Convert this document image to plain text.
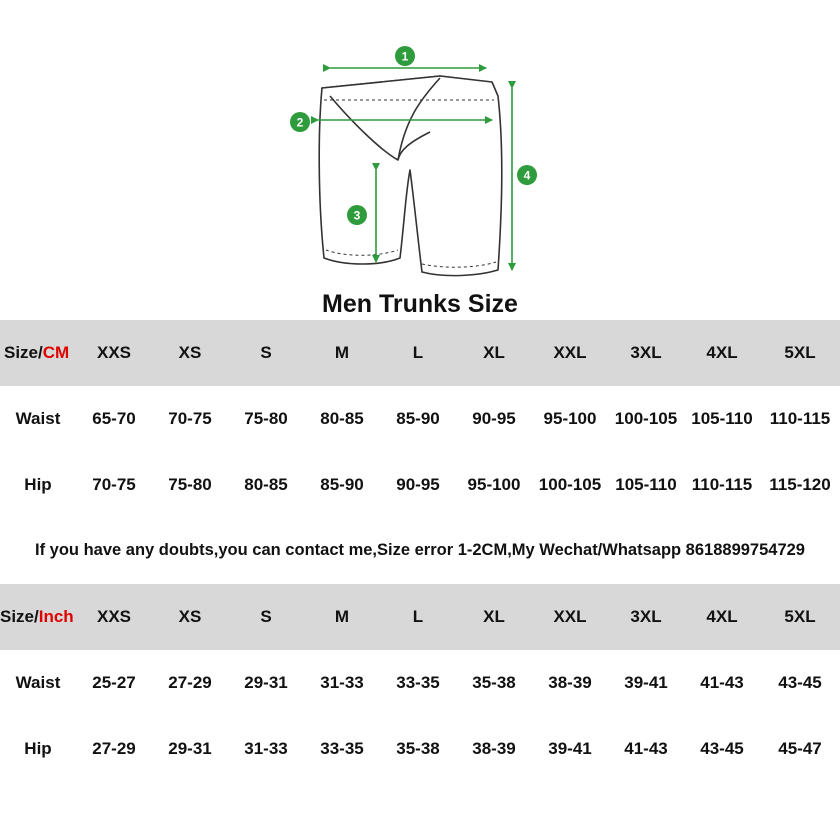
1
2
3
4
Men Trunks Size
Size/CM	XXS	XS	S	M	L	XL	XXL	3XL	4XL	5XL
Waist	65-70	70-75	75-80	80-85	85-90	90-95	95-100	100-105	105-110	110-115
Hip	70-75	75-80	80-85	85-90	90-95	95-100	100-105	105-110	110-115	115-120
If you have any doubts,you can contact me,Size error 1-2CM,My Wechat/Whatsapp 8618899754729
Size/Inch	XXS	XS	S	M	L	XL	XXL	3XL	4XL	5XL
Waist	25-27	27-29	29-31	31-33	33-35	35-38	38-39	39-41	41-43	43-45
Hip	27-29	29-31	31-33	33-35	35-38	38-39	39-41	41-43	43-45	45-47
